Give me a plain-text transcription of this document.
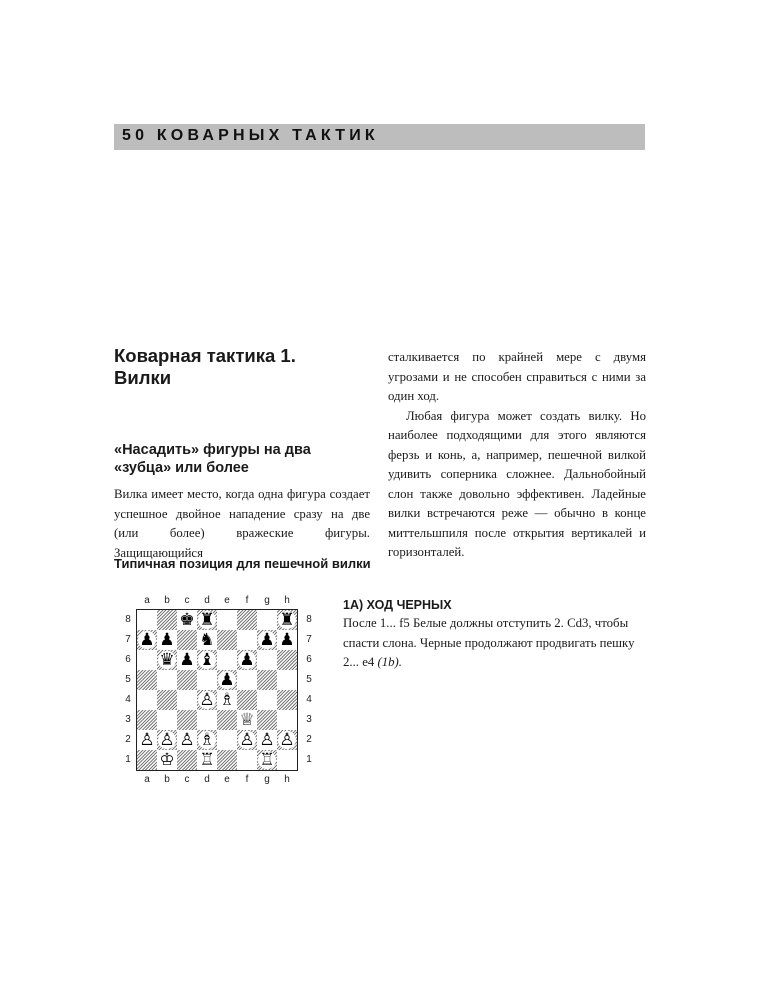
50 КОВАРНЫХ ТАКТИК

Коварная тактика 1.
Вилки

«Насадить» фигуры на два
«зубца» или более

Вилка имеет место, когда одна фигура создает успешное двойное нападение сразу на две (или более) вражеские фигуры. Защищающийся

сталкивается по крайней мере с двумя угрозами и не способен справиться с ними за один ход.

Любая фигура может создать вилку. Но наиболее подходящими для этого являются ферзь и конь, а, например, пешечной вилкой удивить соперника сложнее. Дальнобойный слон также довольно эффективен. Ладейные вилки встречаются реже — обычно в конце миттельшпиля после открытия вертикалей и горизонталей.

Типичная позиция для пешечной вилки
a
a
b
b
c
c
d
d
e
e
f
f
g
g
h
h
8	8
7	7
6	6
5	5
4	4
3	3
2	2
1	1
♚ ♜	♜
♟ ♟ ♞	♟ ♟
♛ ♟ ♝ ♟
♟
♙ ♗
♕
♙ ♙ ♙ ♗ ♙ ♙ ♙
♔ ♖	♖
1А) ХОД ЧЕРНЫХ
После 1... f5 Белые должны отступить 2. Cd3, чтобы спасти слона. Черные продолжают продвигать пешку 2... e4 (1b).
